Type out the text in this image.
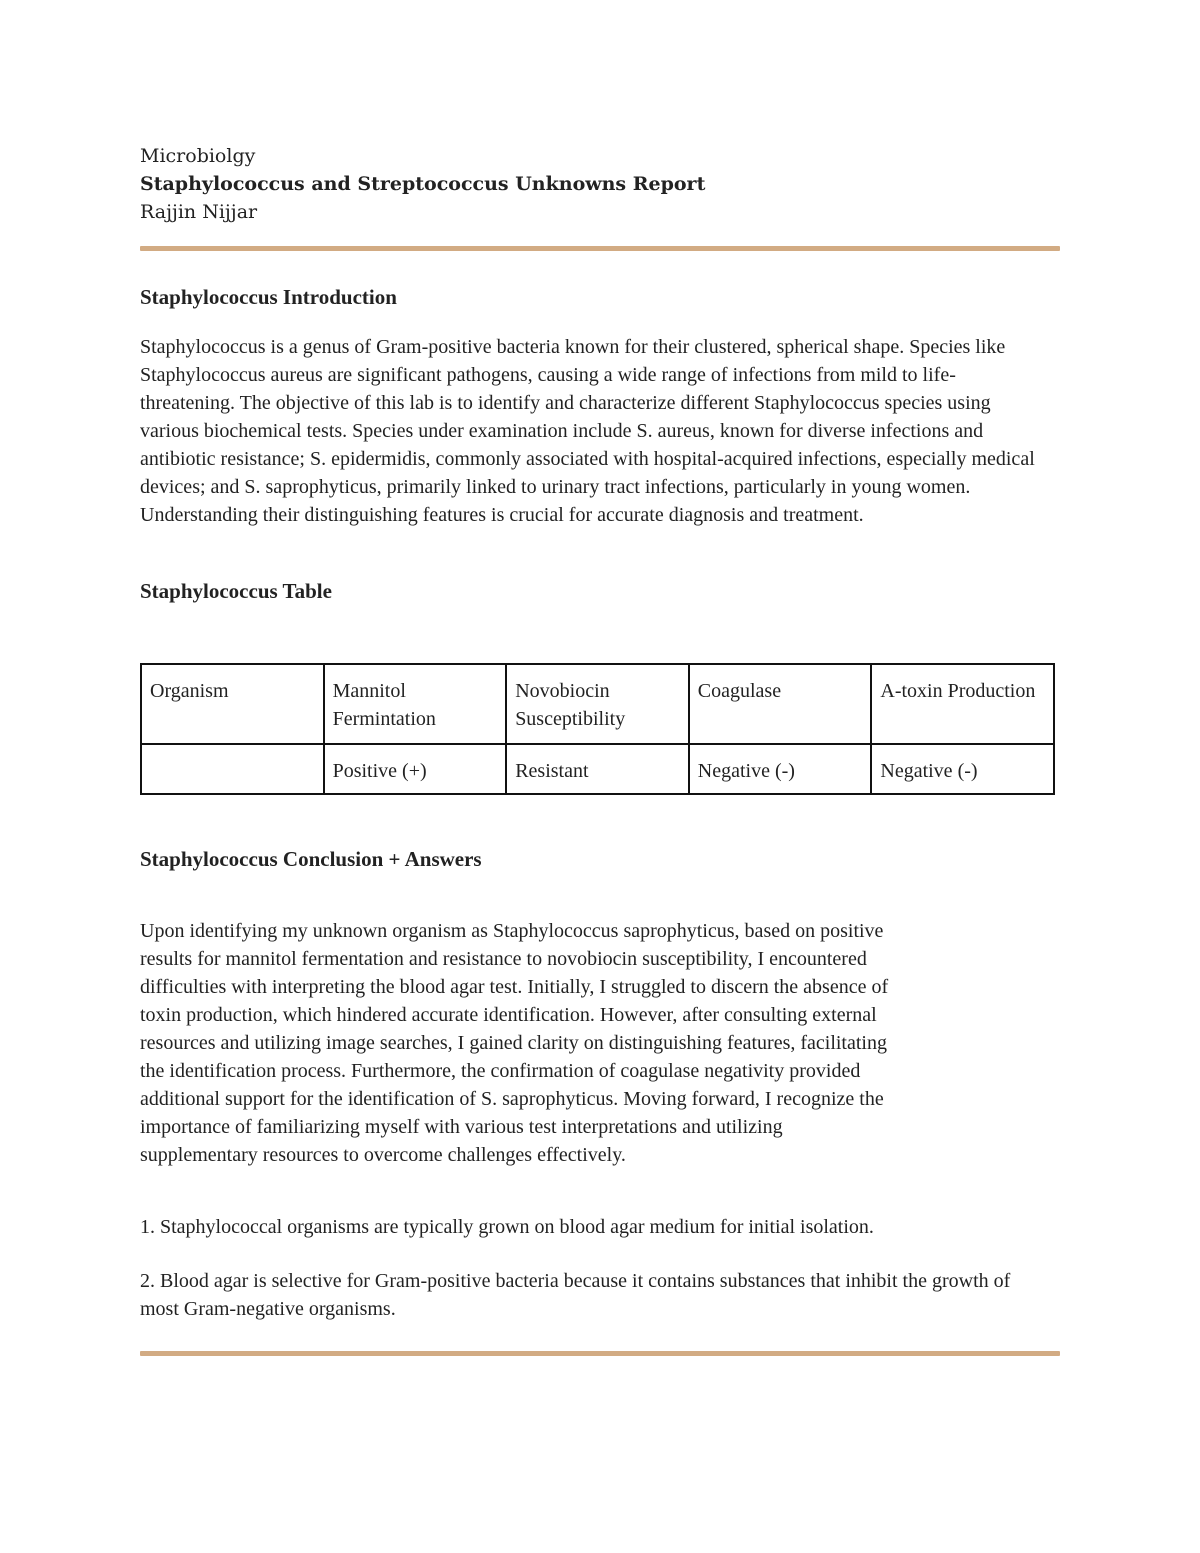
Microbiolgy

Staphylococcus and Streptococcus Unknowns Report

Rajjin Nijjar

Staphylococcus Introduction

Staphylococcus is a genus of Gram-positive bacteria known for their clustered, spherical shape. Species like Staphylococcus aureus are significant pathogens, causing a wide range of infections from mild to life-threatening. The objective of this lab is to identify and characterize different Staphylococcus species using various biochemical tests. Species under examination include S. aureus, known for diverse infections and antibiotic resistance; S. epidermidis, commonly associated with hospital-acquired infections, especially medical devices; and S. saprophyticus, primarily linked to urinary tract infections, particularly in young women. Understanding their distinguishing features is crucial for accurate diagnosis and treatment.

Staphylococcus Table
Organism	Mannitol Fermintation	Novobiocin Susceptibility	Coagulase	A-toxin Production
	Positive (+)	Resistant	Negative (-)	Negative (-)
Staphylococcus Conclusion + Answers

Upon identifying my unknown organism as Staphylococcus saprophyticus, based on positive results for mannitol fermentation and resistance to novobiocin susceptibility, I encountered difficulties with interpreting the blood agar test. Initially, I struggled to discern the absence of toxin production, which hindered accurate identification. However, after consulting external resources and utilizing image searches, I gained clarity on distinguishing features, facilitating the identification process. Furthermore, the confirmation of coagulase negativity provided additional support for the identification of S. saprophyticus. Moving forward, I recognize the importance of familiarizing myself with various test interpretations and utilizing supplementary resources to overcome challenges effectively.

1. Staphylococcal organisms are typically grown on blood agar medium for initial isolation.

2. Blood agar is selective for Gram-positive bacteria because it contains substances that inhibit the growth of most Gram-negative organisms.
